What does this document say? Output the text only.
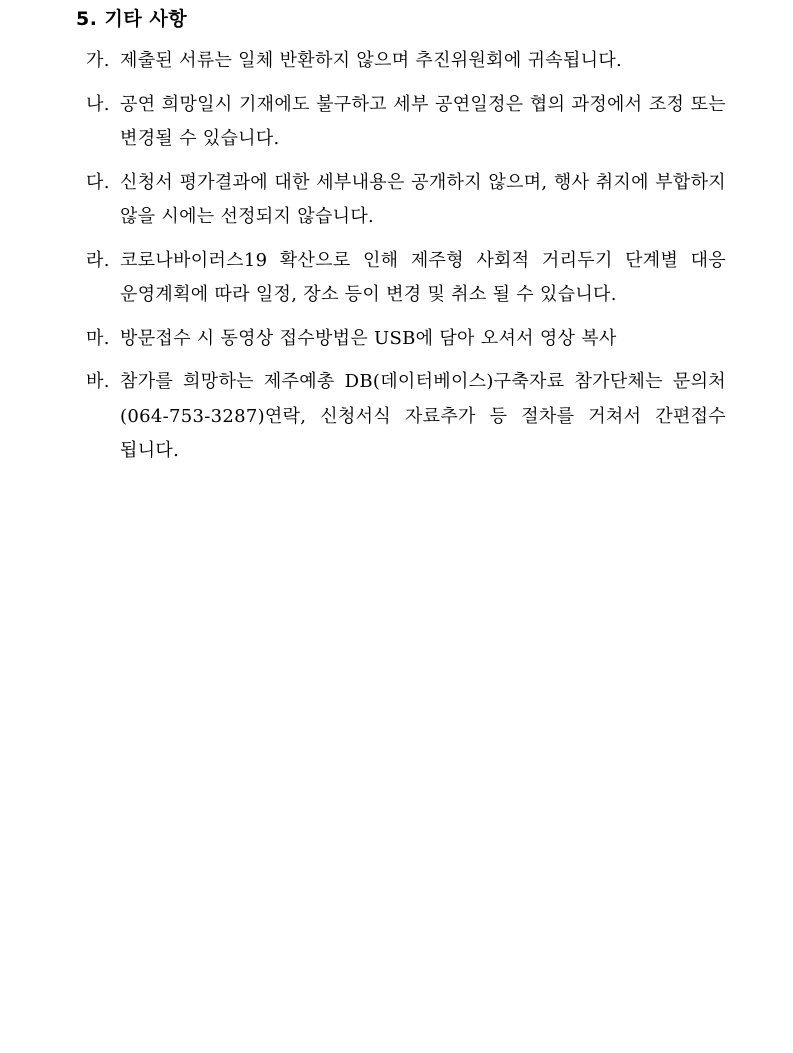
5. 기타 사항
가. 제출된 서류는 일체 반환하지 않으며 추진위원회에 귀속됩니다.
나. 공연 희망일시 기재에도 불구하고 세부 공연일정은 협의 과정에서 조정 또는 변경될 수 있습니다.
다. 신청서 평가결과에 대한 세부내용은 공개하지 않으며, 행사 취지에 부합하지 않을 시에는 선정되지 않습니다.
라. 코로나바이러스19 확산으로 인해 제주형 사회적 거리두기 단계별 대응 운영계획에 따라 일정, 장소 등이 변경 및 취소 될 수 있습니다.
마. 방문접수 시 동영상 접수방법은 USB에 담아 오셔서 영상 복사
바. 참가를 희망하는 제주예총 DB(데이터베이스)구축자료 참가단체는 문의처(064-753-3287)연락, 신청서식 자료추가 등 절차를 거쳐서 간편접수 됩니다.
